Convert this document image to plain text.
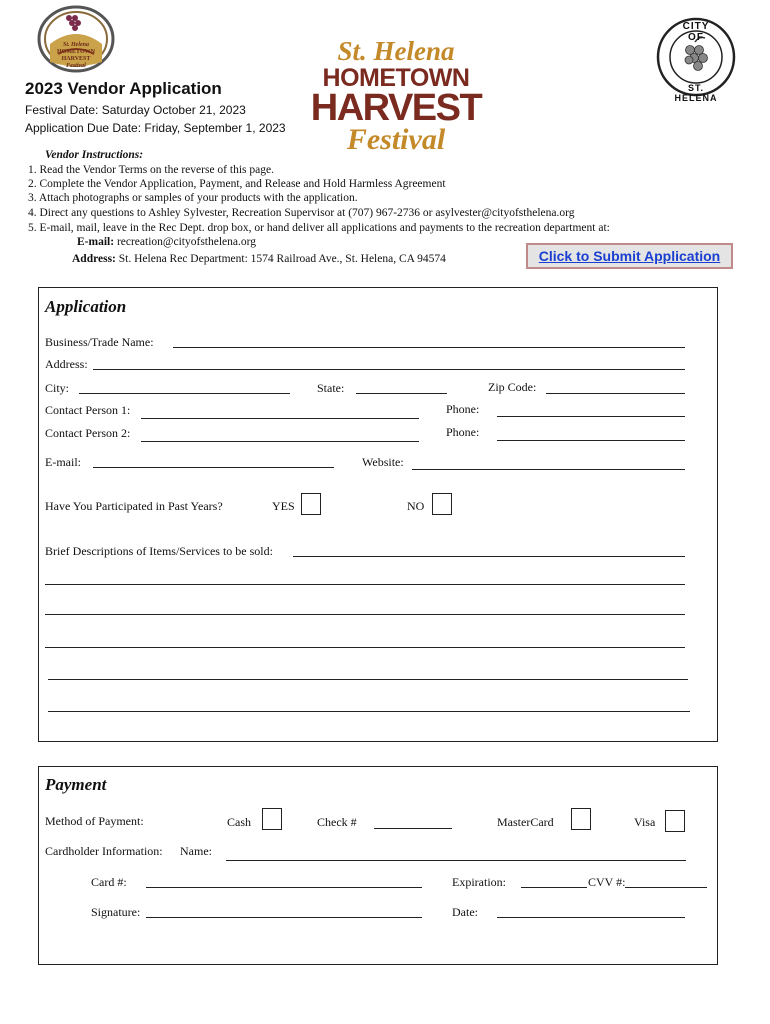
St. Helena
HOMETOWN
HARVEST
Festival	St. Helena
HOMETOWN
HARVEST
Festival
CITY OF
ST. HELENA
2023 Vendor Application
Festival Date: Saturday October 21, 2023
Application Due Date: Friday, September 1, 2023
Vendor Instructions:
1. Read the Vendor Terms on the reverse of this page.
2. Complete the Vendor Application, Payment, and Release and Hold Harmless Agreement
3. Attach photographs or samples of your products with the application.
4. Direct any questions to Ashley Sylvester, Recreation Supervisor at (707) 967-2736 or asylvester@cityofsthelena.org
5. E-mail, mail, leave in the Rec Dept. drop box, or hand deliver all applications and payments to the recreation department at:
E-mail: recreation@cityofsthelena.org
Address: St. Helena Rec Department: 1574 Railroad Ave., St. Helena, CA 94574	Click to Submit Application
Application
Business/Trade Name:
Address:
City:	State:	Zip Code:
Contact Person 1:	Phone:
Contact Person 2:	Phone:
E-mail:	Website:
Have You Participated in Past Years?	YES	NO
Brief Descriptions of Items/Services to be sold:
Payment
Method of Payment:	Cash	Check #	MasterCard	Visa
Cardholder Information: Name:
Card #:	Expiration:	CVV #:
Signature:	Date:
